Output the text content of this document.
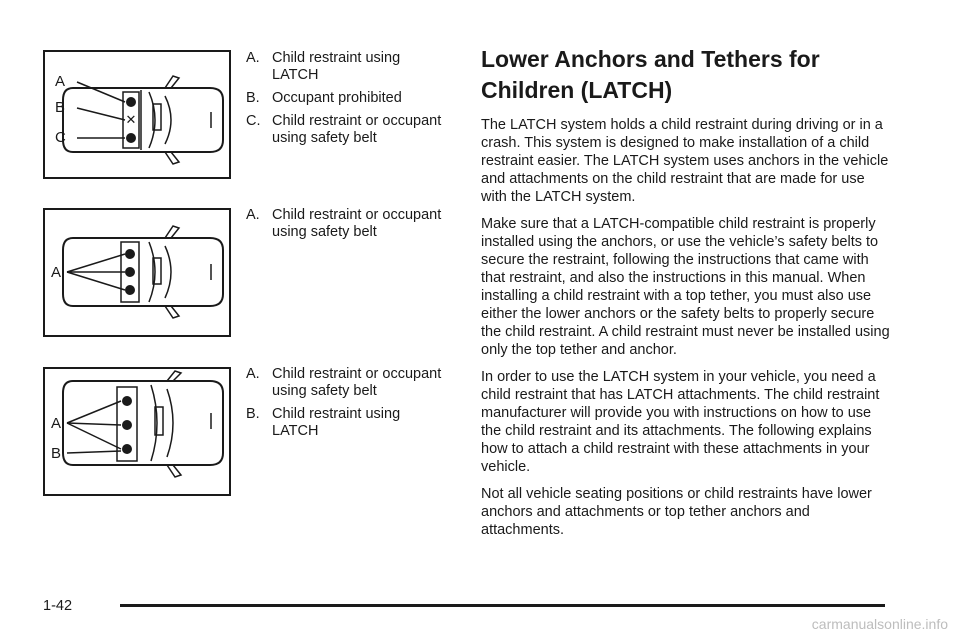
✕
A
B
C
A. Child restraint using LATCH
B. Occupant prohibited
C. Child restraint or occupant using safety belt
A
A. Child restraint or occupant using safety belt
A
B
A. Child restraint or occupant using safety belt
B. Child restraint using LATCH
Lower Anchors and Tethers for Children (LATCH)

The LATCH system holds a child restraint during driving or in a crash. This system is designed to make installation of a child restraint easier. The LATCH system uses anchors in the vehicle and attachments on the child restraint that are made for use with the LATCH system.

Make sure that a LATCH-compatible child restraint is properly installed using the anchors, or use the vehicle’s safety belts to secure the restraint, following the instructions that came with that restraint, and also the instructions in this manual. When installing a child restraint with a top tether, you must also use either the lower anchors or the safety belts to properly secure the child restraint. A child restraint must never be installed using only the top tether and anchor.

In order to use the LATCH system in your vehicle, you need a child restraint that has LATCH attachments. The child restraint manufacturer will provide you with instructions on how to use the child restraint and its attachments. The following explains how to attach a child restraint with these attachments in your vehicle.

Not all vehicle seating positions or child restraints have lower anchors and attachments or top tether anchors and attachments.

1-42
carmanualsonline.info
